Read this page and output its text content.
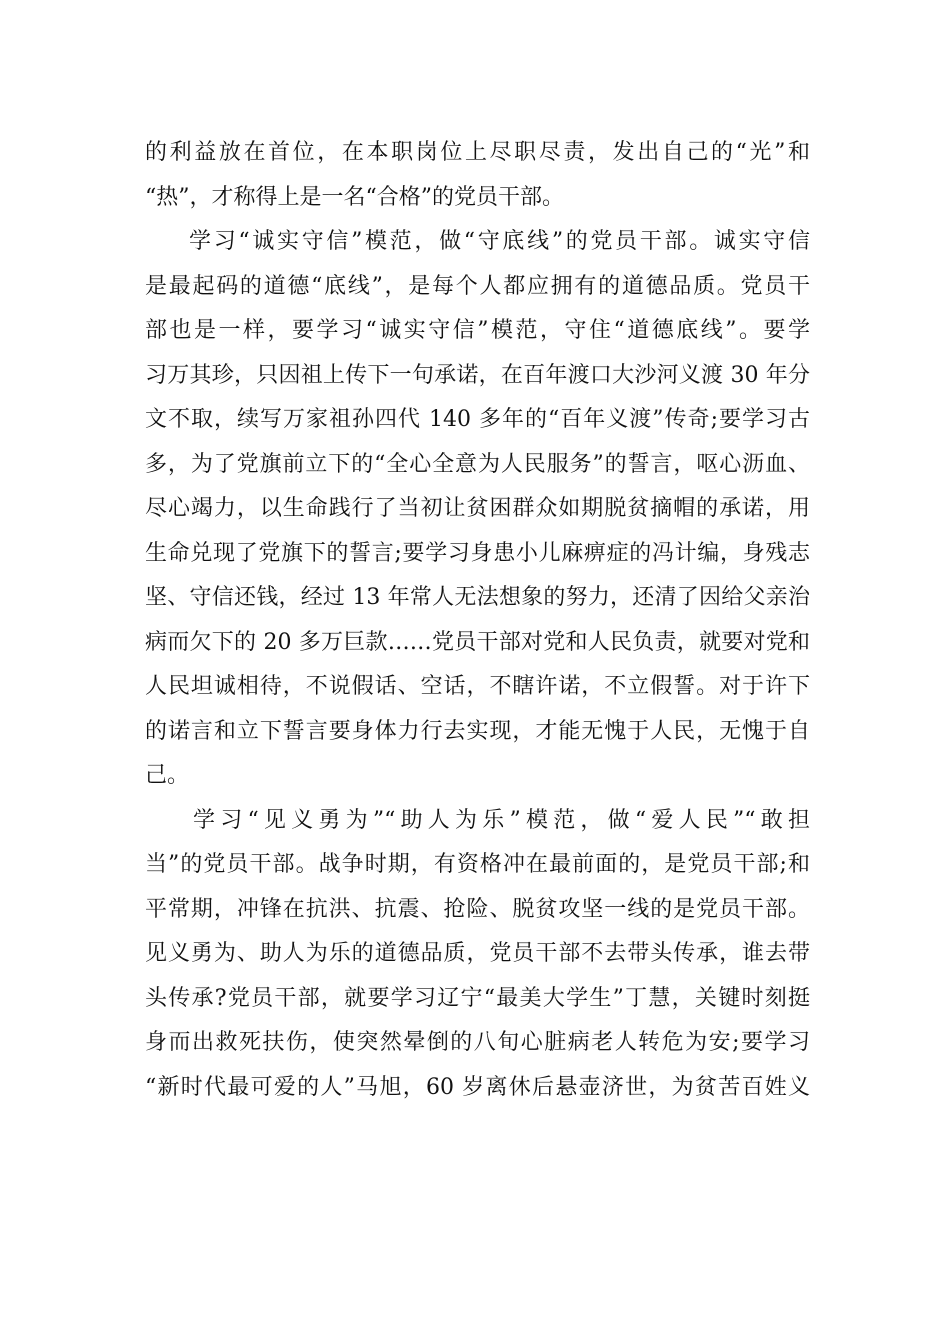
的利益放在首位，在本职岗位上尽职尽责，发出自己的“光”和
“热”，才称得上是一名“合格”的党员干部。
学习“诚实守信”模范，做“守底线”的党员干部。诚实守信
是最起码的道德“底线”，是每个人都应拥有的道德品质。党员干
部也是一样，要学习“诚实守信”模范，守住“道德底线”。要学
习万其珍，只因祖上传下一句承诺，在百年渡口大沙河义渡 30 年分
文不取，续写万家祖孙四代 140 多年的“百年义渡”传奇;要学习古
多，为了党旗前立下的“全心全意为人民服务”的誓言，呕心沥血、
尽心竭力，以生命践行了当初让贫困群众如期脱贫摘帽的承诺，用
生命兑现了党旗下的誓言;要学习身患小儿麻痹症的冯计编，身残志
坚、守信还钱，经过 13 年常人无法想象的努力，还清了因给父亲治
病而欠下的 20 多万巨款……党员干部对党和人民负责，就要对党和
人民坦诚相待，不说假话、空话，不瞎许诺，不立假誓。对于许下
的诺言和立下誓言要身体力行去实现，才能无愧于人民，无愧于自
己。
学习“见义勇为”“助人为乐”模范，做“爱人民”“敢担
当”的党员干部。战争时期，有资格冲在最前面的，是党员干部;和
平常期，冲锋在抗洪、抗震、抢险、脱贫攻坚一线的是党员干部。
见义勇为、助人为乐的道德品质，党员干部不去带头传承，谁去带
头传承?党员干部，就要学习辽宁“最美大学生”丁慧，关键时刻挺
身而出救死扶伤，使突然晕倒的八旬心脏病老人转危为安;要学习
“新时代最可爱的人”马旭，60 岁离休后悬壶济世，为贫苦百姓义
